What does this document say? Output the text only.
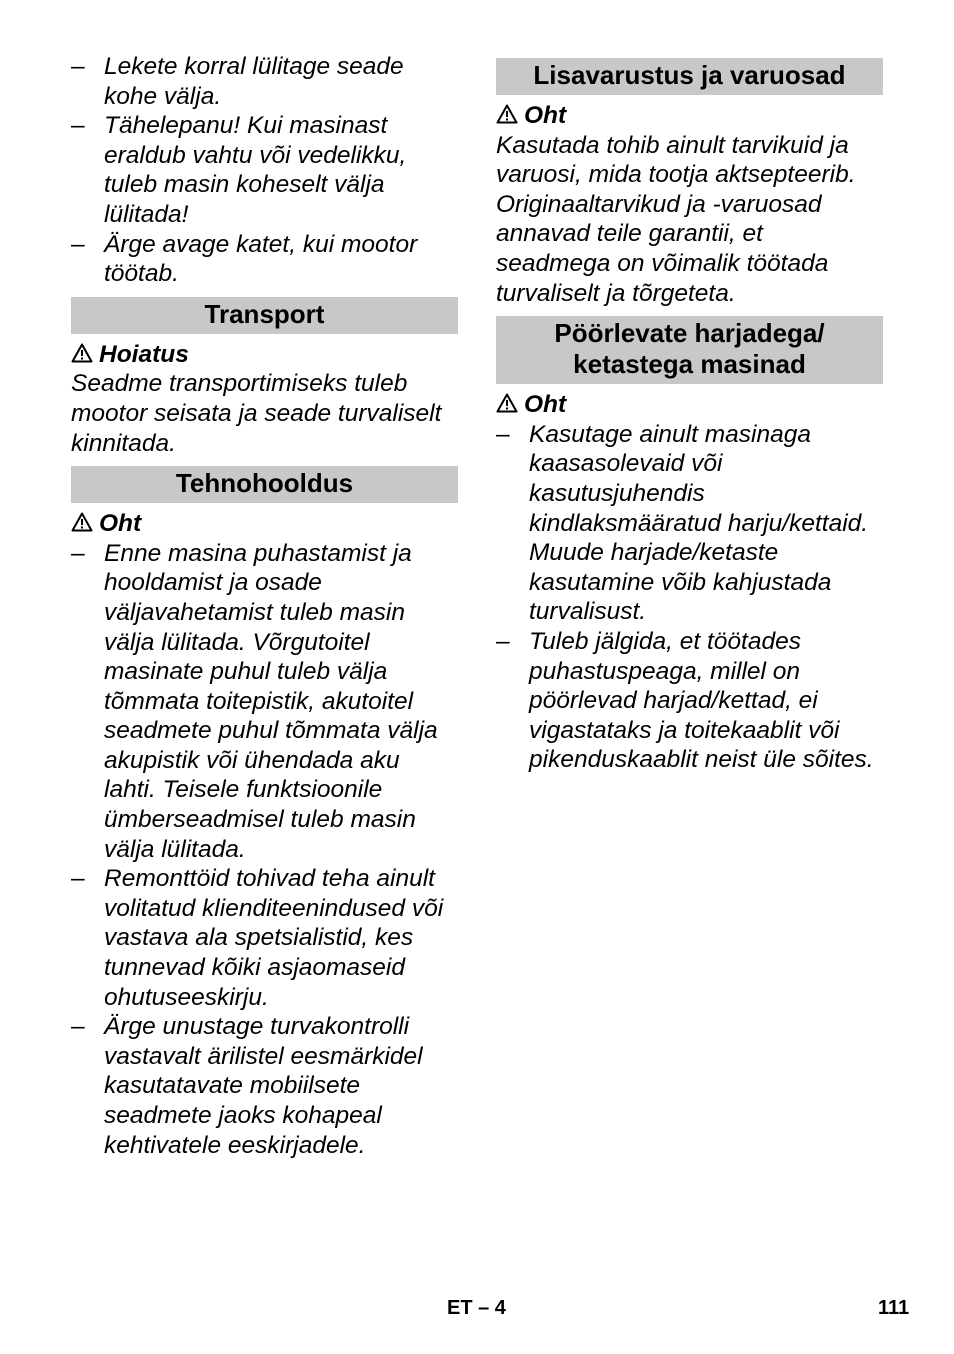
– Lekete korral lülitage seade kohe välja.
– Tähelepanu! Kui masinast eraldub vahtu või vedelikku, tuleb masin koheselt välja lülitada!
– Ärge avage katet, kui mootor töötab.
Transport
Hoiatus
Seadme transportimiseks tuleb mootor seisata ja seade turvaliselt kinnitada.
Tehnohooldus
Oht
– Enne masina puhastamist ja hooldamist ja osade väljavahetamist tuleb masin välja lülitada. Võrgutoitel masinate puhul tuleb välja tõmmata toitepistik, akutoitel seadmete puhul tõmmata välja akupistik või ühendada aku lahti. Teisele funktsioonile ümberseadmisel tuleb masin välja lülitada.
– Remonttöid tohivad teha ainult volitatud klienditeenindused või vastava ala spetsialistid, kes tunnevad kõiki asjaomaseid ohutuseeskirju.
– Ärge unustage turvakontrolli vastavalt ärilistel eesmärkidel kasutatavate mobiilsete seadmete jaoks kohapeal kehtivatele eeskirjadele.
Lisavarustus ja varuosad
Oht
Kasutada tohib ainult tarvikuid ja varuosi, mida tootja aktsepteerib. Originaaltarvikud ja -varuosad annavad teile garantii, et seadmega on võimalik töötada turvaliselt ja tõrgeteta.
Pöörlevate harjadega/
ketastega masinad
Oht
– Kasutage ainult masinaga kaasasolevaid või kasutusjuhendis kindlaksmääratud harju/kettaid. Muude harjade/ketaste kasutamine võib kahjustada turvalisust.
– Tuleb jälgida, et töötades puhastuspeaga, millel on pöörlevad harjad/kettad, ei vigastataks ja toitekaablit või pikenduskaablit neist üle sõites.
ET – 4	111
